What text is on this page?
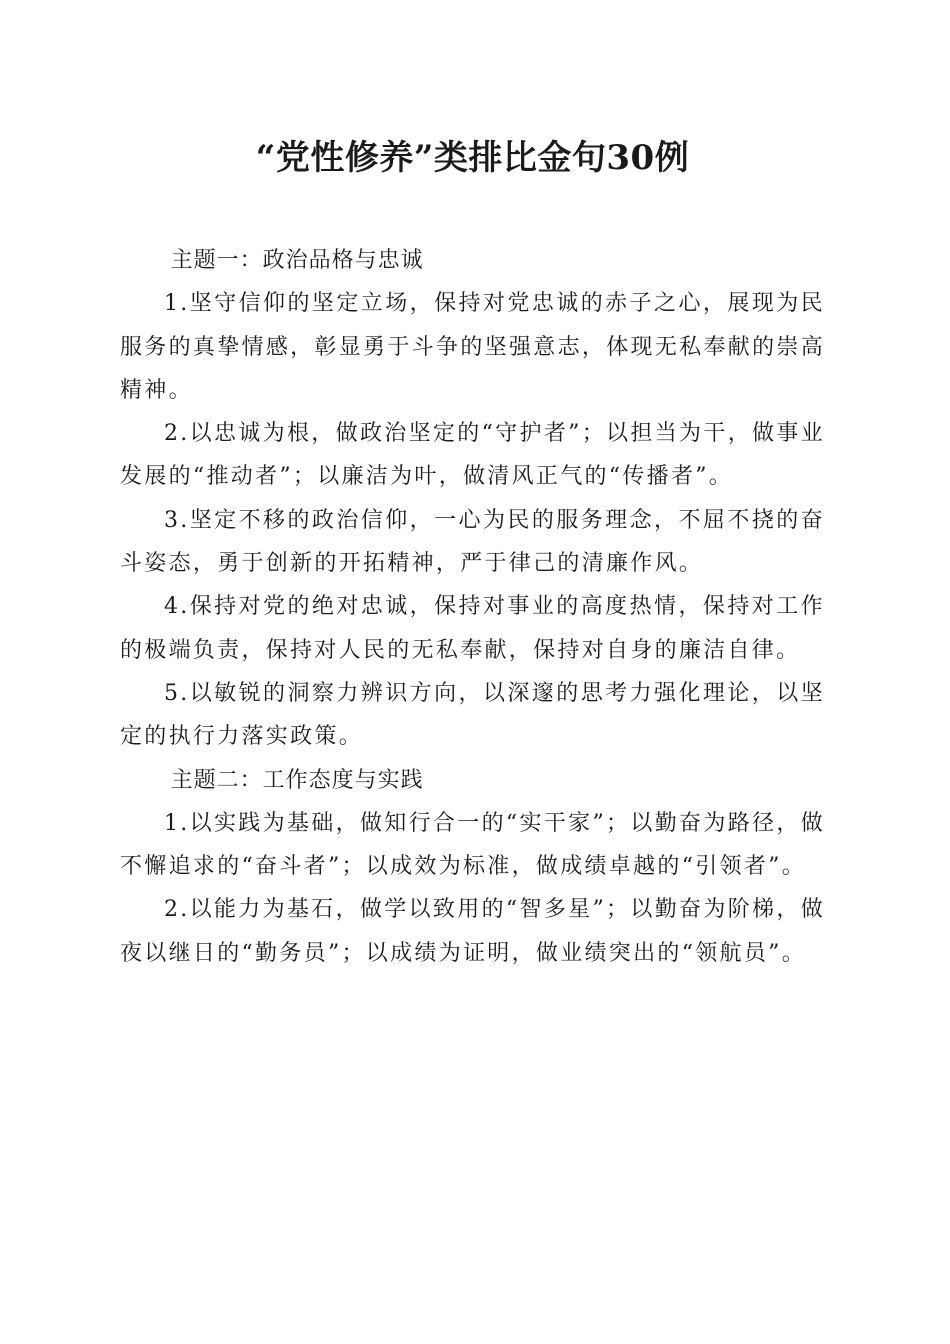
“党性修养”类排比金句30例

主题一：政治品格与忠诚

1.坚守信仰的坚定立场，保持对党忠诚的赤子之心，展现为民服务的真挚情感，彰显勇于斗争的坚强意志，体现无私奉献的崇高精神。

2.以忠诚为根，做政治坚定的“守护者”；以担当为干，做事业发展的“推动者”；以廉洁为叶，做清风正气的“传播者”。

3.坚定不移的政治信仰，一心为民的服务理念，不屈不挠的奋斗姿态，勇于创新的开拓精神，严于律己的清廉作风。

4.保持对党的绝对忠诚，保持对事业的高度热情，保持对工作的极端负责，保持对人民的无私奉献，保持对自身的廉洁自律。

5.以敏锐的洞察力辨识方向，以深邃的思考力强化理论，以坚定的执行力落实政策。

主题二：工作态度与实践

1.以实践为基础，做知行合一的“实干家”；以勤奋为路径，做不懈追求的“奋斗者”；以成效为标准，做成绩卓越的“引领者”。

2.以能力为基石，做学以致用的“智多星”；以勤奋为阶梯，做夜以继日的“勤务员”；以成绩为证明，做业绩突出的“领航员”。
